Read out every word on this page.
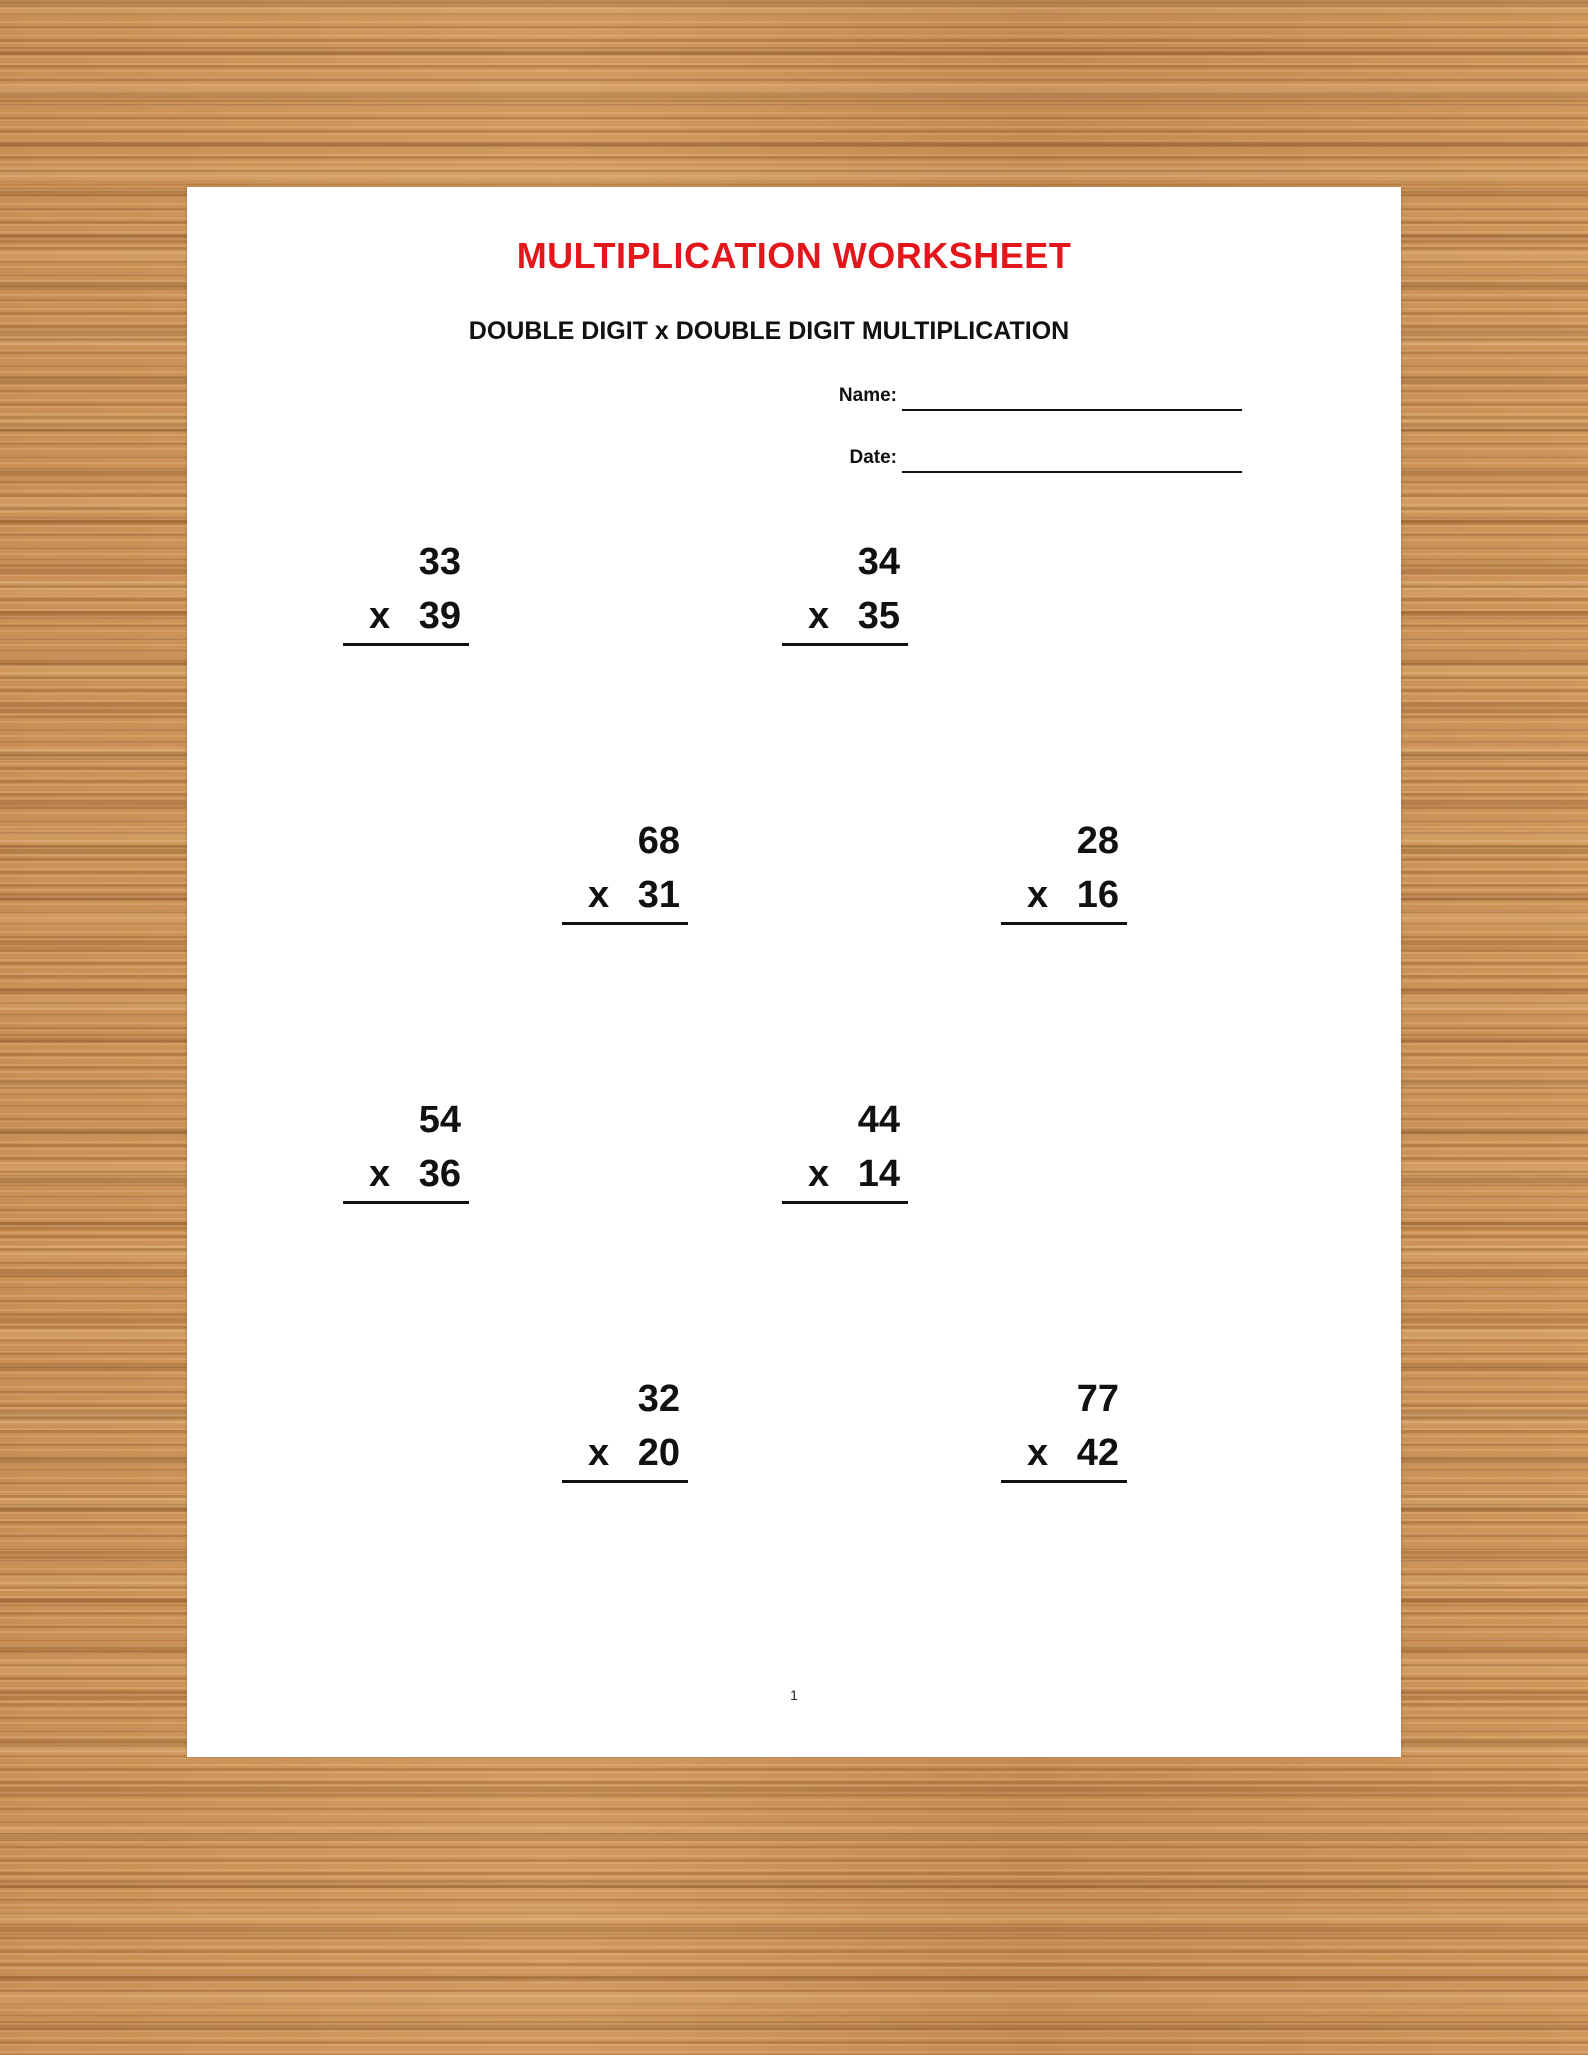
MULTIPLICATION WORKSHEET
DOUBLE DIGIT x DOUBLE DIGIT MULTIPLICATION
Name:
Date:
33
x 39
34
x 35
68
x 31
28
x 16
54
x 36
44
x 14
32
x 20
77
x 42
1
